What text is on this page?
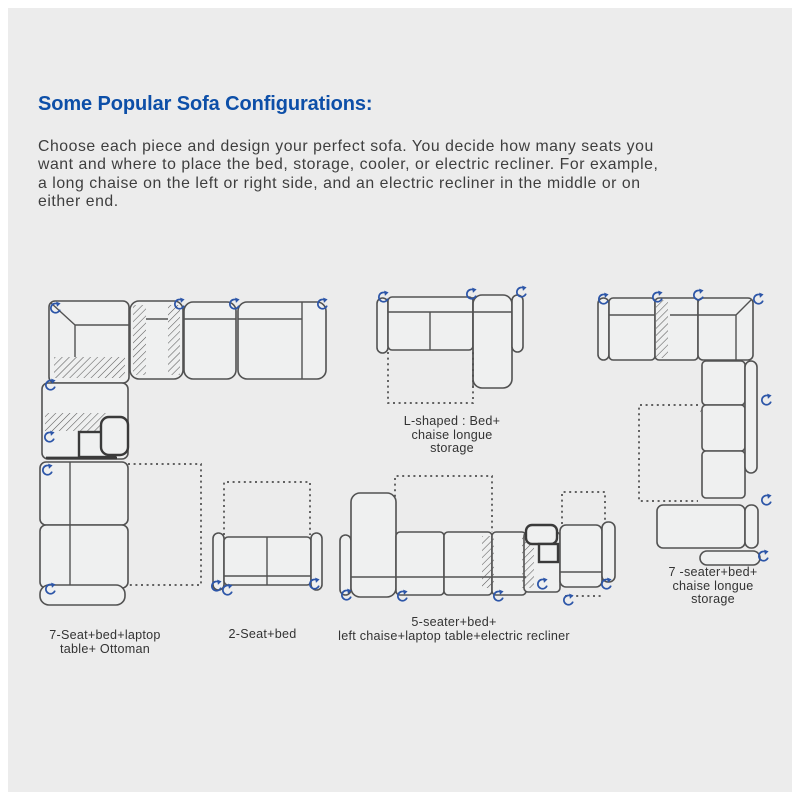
Some Popular Sofa Configurations:

Choose each piece and design your perfect sofa. You decide how many seats you
want and where to place the bed, storage, cooler, or electric recliner. For example,
a long chaise on the left or right side, and an electric recliner in the middle or on
either end.

7-Seat+bed+laptop
table+ Ottoman
L-shaped : Bed+
chaise longue
storage
7 -seater+bed+
chaise longue
storage
2-Seat+bed
5-seater+bed+
left chaise+laptop table+electric recliner
